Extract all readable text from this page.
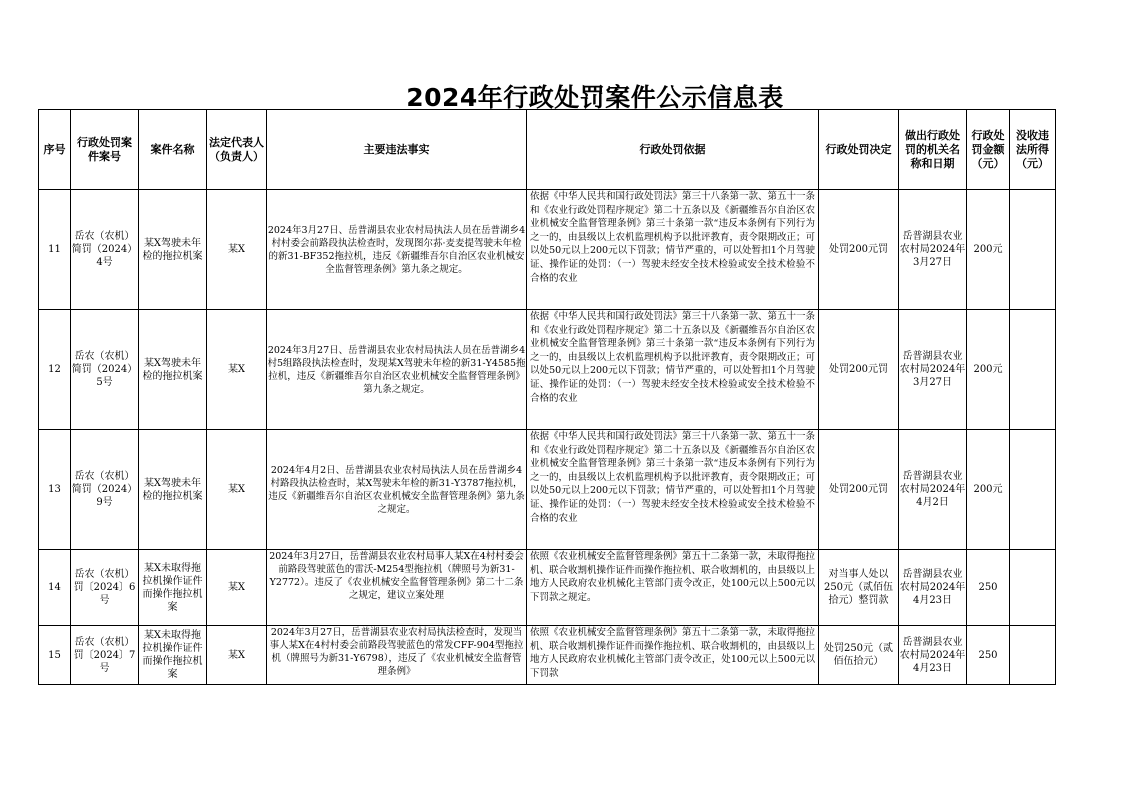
2024年行政处罚案件公示信息表
序号	行政处罚案件案号	案件名称	法定代表人（负责人）	主要违法事实	行政处罚依据	行政处罚决定	做出行政处罚的机关名称和日期	行政处罚金额（元）	没收违法所得（元）
11	岳农（农机）简罚（2024）4号	某X驾驶未年检的拖拉机案	某X	2024年3月27日、岳普湖县农业农村局执法人员在岳普湖乡4村村委会前路段执法检查时，发现图尔荪·麦麦提驾驶未年检的新31-BF352拖拉机，违反《新疆维吾尔自治区农业机械安全监督管理条例》第九条之规定。	依据《中华人民共和国行政处罚法》第三十八条第一款、第五十一条和《农业行政处罚程序规定》第二十五条以及《新疆维吾尔自治区农业机械安全监督管理条例》第三十条第一款“违反本条例有下列行为之一的，由县级以上农机监理机构予以批评教育，责令限期改正；可以处50元以上200元以下罚款；情节严重的，可以处暂扣1个月驾驶证、操作证的处罚：（一）驾驶未经安全技术检验或安全技术检验不合格的农业	处罚200元罚	岳普湖县农业农村局2024年3月27日	200元	
12	岳农（农机）简罚（2024）5号	某X驾驶未年检的拖拉机案	某X	2024年3月27日、岳普湖县农业农村局执法人员在岳普湖乡4村5组路段执法检查时，发现某X驾驶未年检的新31-Y4585拖拉机，违反《新疆维吾尔自治区农业机械安全监督管理条例》第九条之规定。	依据《中华人民共和国行政处罚法》第三十八条第一款、第五十一条和《农业行政处罚程序规定》第二十五条以及《新疆维吾尔自治区农业机械安全监督管理条例》第三十条第一款“违反本条例有下列行为之一的，由县级以上农机监理机构予以批评教育，责令限期改正；可以处50元以上200元以下罚款；情节严重的，可以处暂扣1个月驾驶证、操作证的处罚：（一）驾驶未经安全技术检验或安全技术检验不合格的农业	处罚200元罚	岳普湖县农业农村局2024年3月27日	200元	
13	岳农（农机）简罚（2024）9号	某X驾驶未年检的拖拉机案	某X	2024年4月2日、岳普湖县农业农村局执法人员在岳普湖乡4村路段执法检查时，某X驾驶未年检的新31-Y3787拖拉机，违反《新疆维吾尔自治区农业机械安全监督管理条例》第九条之规定。	依据《中华人民共和国行政处罚法》第三十八条第一款、第五十一条和《农业行政处罚程序规定》第二十五条以及《新疆维吾尔自治区农业机械安全监督管理条例》第三十条第一款“违反本条例有下列行为之一的，由县级以上农机监理机构予以批评教育，责令限期改正；可以处50元以上200元以下罚款；情节严重的，可以处暂扣1个月驾驶证、操作证的处罚：（一）驾驶未经安全技术检验或安全技术检验不合格的农业	处罚200元罚	岳普湖县农业农村局2024年4月2日	200元	
14	岳农（农机）罚〔2024〕6号	某X未取得拖拉机操作证件而操作拖拉机案	某X	2024年3月27日，岳普湖县农业农村局事人某X在4村村委会前路段驾驶蓝色的雷沃-M254型拖拉机（牌照号为新31-Y2772）。违反了《农业机械安全监督管理条例》第二十二条之规定，建议立案处理	依照《农业机械安全监督管理条例》第五十二条第一款，未取得拖拉机、联合收割机操作证件而操作拖拉机、联合收割机的，由县级以上地方人民政府农业机械化主管部门责令改正，处100元以上500元以下罚款之规定。	对当事人处以250元（贰佰伍拾元）整罚款	岳普湖县农业农村局2024年4月23日	250	
15	岳农（农机）罚〔2024〕7号	某X未取得拖拉机操作证件而操作拖拉机案	某X	2024年3月27日，岳普湖县农业农村局执法检查时，发现当事人某X在4村村委会前路段驾驶蓝色的常发CFF-904型拖拉机（牌照号为新31-Y6798），违反了《农业机械安全监督管理条例》	依照《农业机械安全监督管理条例》第五十二条第一款，未取得拖拉机、联合收割机操作证件而操作拖拉机、联合收割机的，由县级以上地方人民政府农业机械化主管部门责令改正，处100元以上500元以下罚款	处罚250元（贰佰伍拾元）	岳普湖县农业农村局2024年4月23日	250	
